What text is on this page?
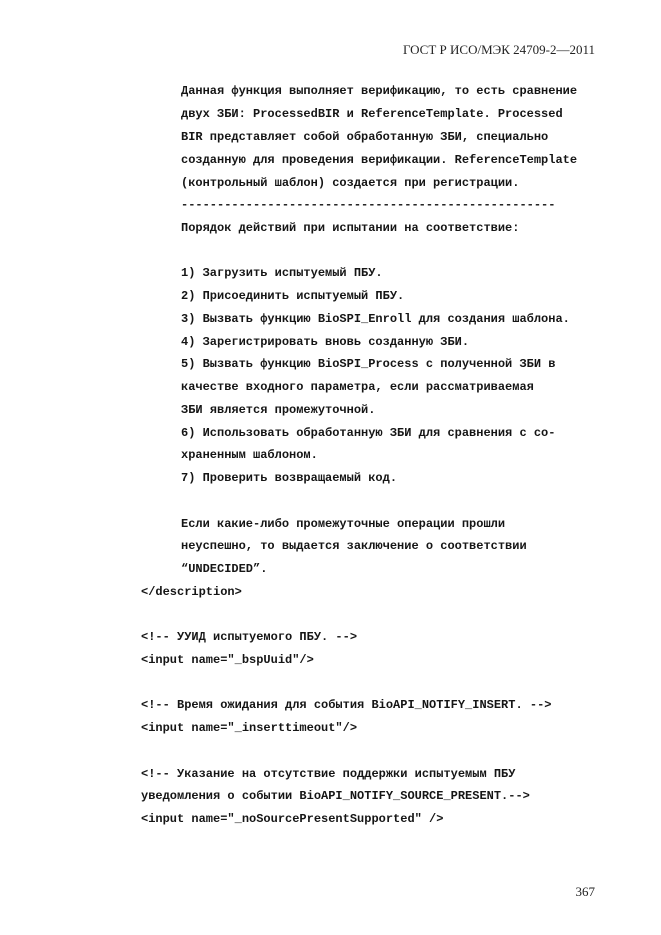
ГОСТ Р ИСО/МЭК 24709-2—2011
Данная функция выполняет верификацию, то есть сравнение
двух ЗБИ: ProcessedBIR и ReferenceTemplate. Processed
BIR представляет собой обработанную ЗБИ, специально
созданную для проведения верификации. ReferenceTemplate
(контрольный шаблон) создается при регистрации.
----------------------------------------------------
Порядок действий при испытании на соответствие:
1) Загрузить испытуемый ПБУ.
2) Присоединить испытуемый ПБУ.
3) Вызвать функцию BioSPI_Enroll для создания шаблона.
4) Зарегистрировать вновь созданную ЗБИ.
5) Вызвать функцию BioSPI_Process с полученной ЗБИ в
качестве входного параметра, если рассматриваемая
ЗБИ является промежуточной.
6) Использовать обработанную ЗБИ для сравнения с со-
храненным шаблоном.
7) Проверить возвращаемый код.
Если какие-либо промежуточные операции прошли
неуспешно, то выдается заключение о соответствии
“UNDECIDED”.
</description>
<!-- УУИД испытуемого ПБУ. -->
<input name="_bspUuid"/>
<!-- Время ожидания для события BioAPI_NOTIFY_INSERT. -->
<input name="_inserttimeout"/>
<!-- Указание на отсутствие поддержки испытуемым ПБУ
уведомления о событии BioAPI_NOTIFY_SOURCE_PRESENT.-->
<input name="_noSourcePresentSupported" />
367
